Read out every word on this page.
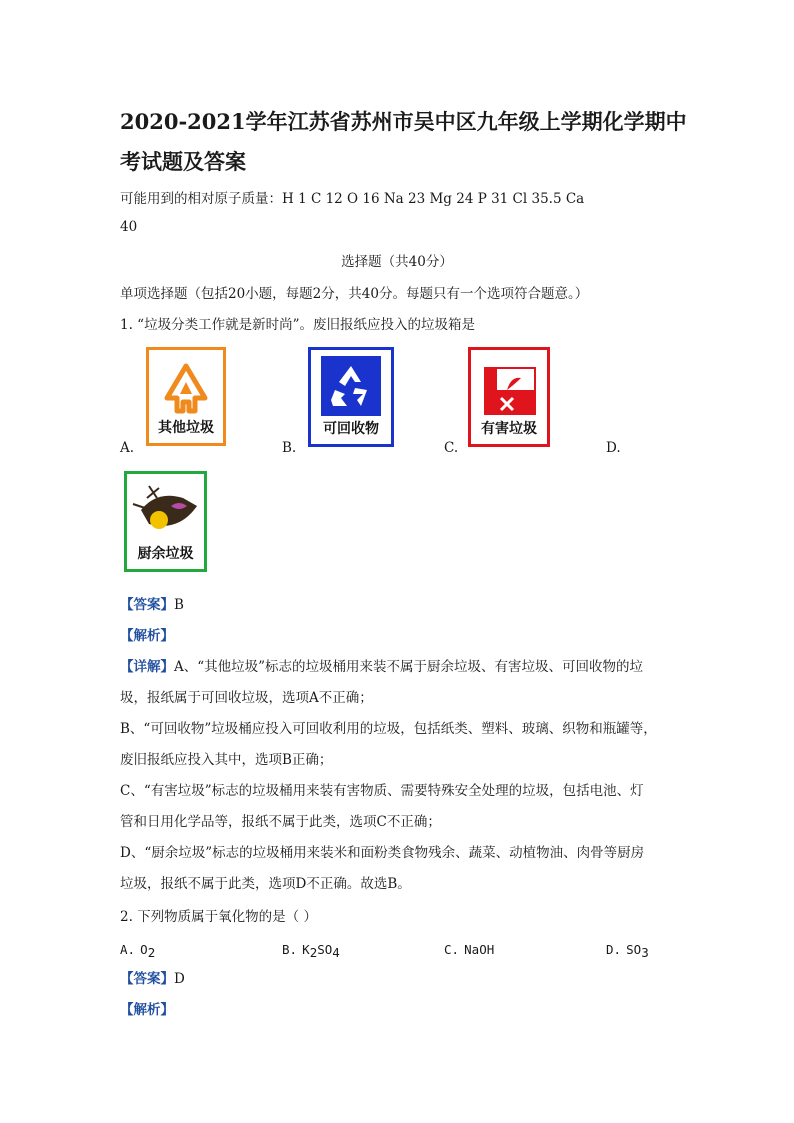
2020-2021学年江苏省苏州市吴中区九年级上学期化学期中
考试题及答案
可能用到的相对原子质量：H 1 C 12 O 16 Na 23 Mg 24 P 31 Cl 35.5 Ca
40
选择题（共40分）
单项选择题（包括20小题，每题2分，共40分。每题只有一个选项符合题意。）
1. “垃圾分类工作就是新时尚”。废旧报纸应投入的垃圾箱是
其他垃圾
A.
可回收物
B.
有害垃圾
C.	D.
厨余垃圾
【答案】B
【解析】
【详解】A、“其他垃圾”标志的垃圾桶用来装不属于厨余垃圾、有害垃圾、可回收物的垃
圾，报纸属于可回收垃圾，选项A不正确；
B、“可回收物”垃圾桶应投入可回收利用的垃圾，包括纸类、塑料、玻璃、织物和瓶罐等，
废旧报纸应投入其中，选项B正确；
C、“有害垃圾”标志的垃圾桶用来装有害物质、需要特殊安全处理的垃圾，包括电池、灯
管和日用化学品等，报纸不属于此类，选项C不正确；
D、“厨余垃圾”标志的垃圾桶用来装米和面粉类食物残余、蔬菜、动植物油、肉骨等厨房
垃圾，报纸不属于此类，选项D不正确。故选B。
2. 下列物质属于氧化物的是（ ）
A. $O_2$	B. $K_2SO_4$	C. NaOH	D. $SO_3$
【答案】D
【解析】
